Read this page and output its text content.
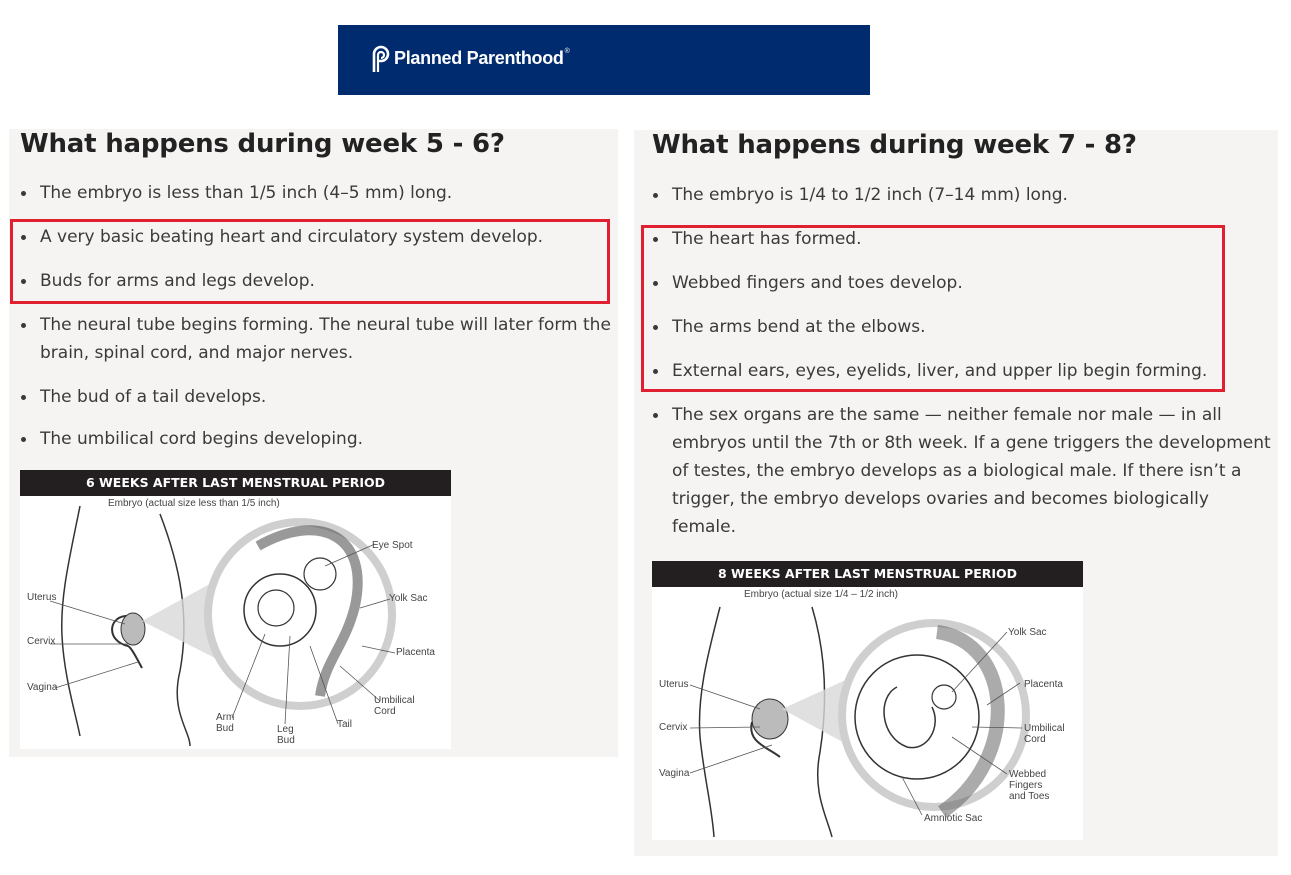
Planned Parenthood®
What happens during week 5 - 6?
The embryo is less than 1/5 inch (4–5 mm) long.
A very basic beating heart and circulatory system develop.
Buds for arms and legs develop.
The neural tube begins forming. The neural tube will later form the
brain, spinal cord, and major nerves.
The bud of a tail develops.
The umbilical cord begins developing.
6 WEEKS AFTER LAST MENSTRUAL PERIOD
Embryo (actual size less than 1/5 inch)
Uterus
Cervix
Vagina
Eye Spot
Yolk Sac
Placenta
Umbilical
Cord
Arm
Bud	Leg
Bud
Tail
What happens during week 7 - 8?
The embryo is 1/4 to 1/2 inch (7–14 mm) long.
The heart has formed.
Webbed fingers and toes develop.
The arms bend at the elbows.
External ears, eyes, eyelids, liver, and upper lip begin forming.
The sex organs are the same — neither female nor male — in all
embryos until the 7th or 8th week. If a gene triggers the development
of testes, the embryo develops as a biological male. If there isn’t a
trigger, the embryo develops ovaries and becomes biologically
female.
8 WEEKS AFTER LAST MENSTRUAL PERIOD
Embryo (actual size 1/4 – 1/2 inch)
Uterus
Cervix
Vagina
Yolk Sac
Placenta
Umbilical
Cord
Webbed
Fingers
and Toes
Amniotic Sac
